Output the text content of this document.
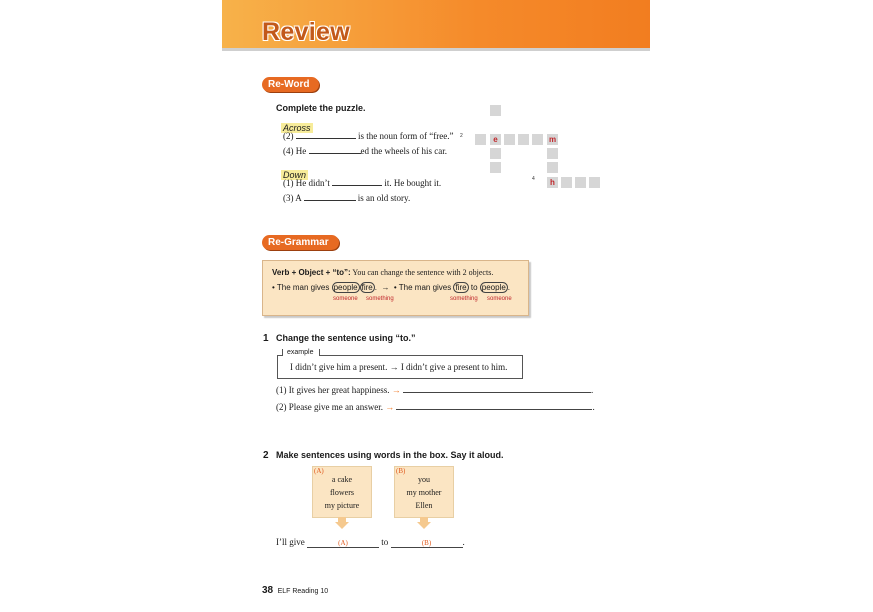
Review
Re-Word
Complete the puzzle.
Across
(2)	is the noun form of “free.”
(4) He	ed the wheels of his car.
Down
(1) He didn’t	it. He bought it.
(3) A	is an old story.
2	e	m
4	h
Re-Grammar
Verb + Object + “to”: You can change the sentence with 2 objects.
• The man gives people fire . → • The man gives fire to people .
someone something	something someone
1 Change the sentence using “to.”
example
I didn’t give him a present. → I didn’t give a present to him.
(1) It gives her great happiness. →	.
(2) Please give me an answer. →	.
2 Make sentences using words in the box. Say it aloud.
(A)
a cake
flowers
my picture
(B)
you
my mother
Ellen
I’ll give	(A)	to	(B)	.
38 ELF Reading 10
